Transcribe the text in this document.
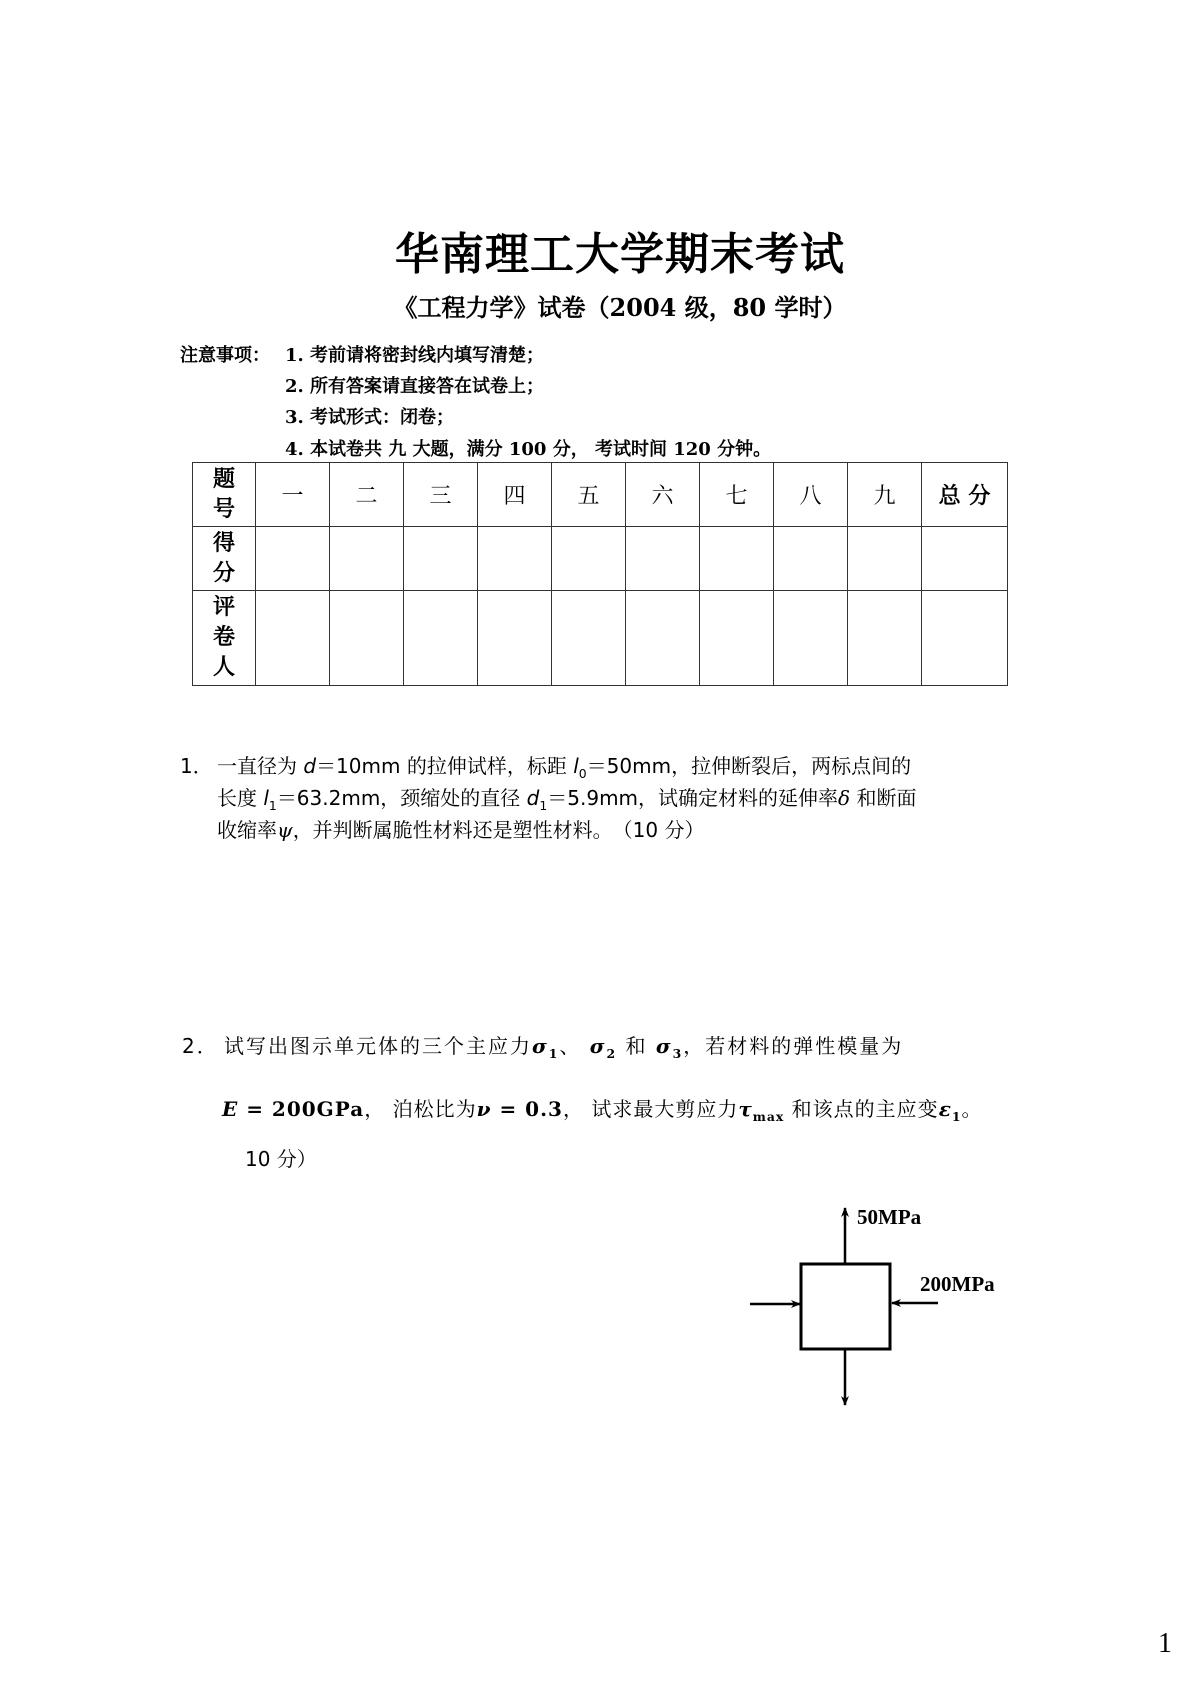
华南理工大学期末考试
《工程力学》试卷（2004 级，80 学时）
注意事项： 1. 考前请将密封线内填写清楚；
2. 所有答案请直接答在试卷上；
3. 考试形式：闭卷；
4. 本试卷共 九 大题，满分 100 分， 考试时间 120 分钟。
题号	一	二	三	四	五	六	七	八	九	总 分
得分										
评卷人										
1． 一直径为 d＝10mm 的拉伸试样，标距 $l_0=50mm$，拉伸断裂后，两标点间的
长度 $l_1=63.2mm$，颈缩处的直径 $d_1=5.9mm$，试确定材料的延伸率δ 和断面
收缩率ψ，并判断属脆性材料还是塑性材料。　（10 分）
2． 试写出图示单元体的三个主应力$\sigma_1$、 $\sigma_2$ 和 $\sigma_3$，若材料的弹性模量为
E = 200GPa， 泊松比为ν = 0.3， 试求最大剪应力$\tau_{max}$ 和该点的主应变$\varepsilon_1$。
10 分）
50MPa
200MPa
1
